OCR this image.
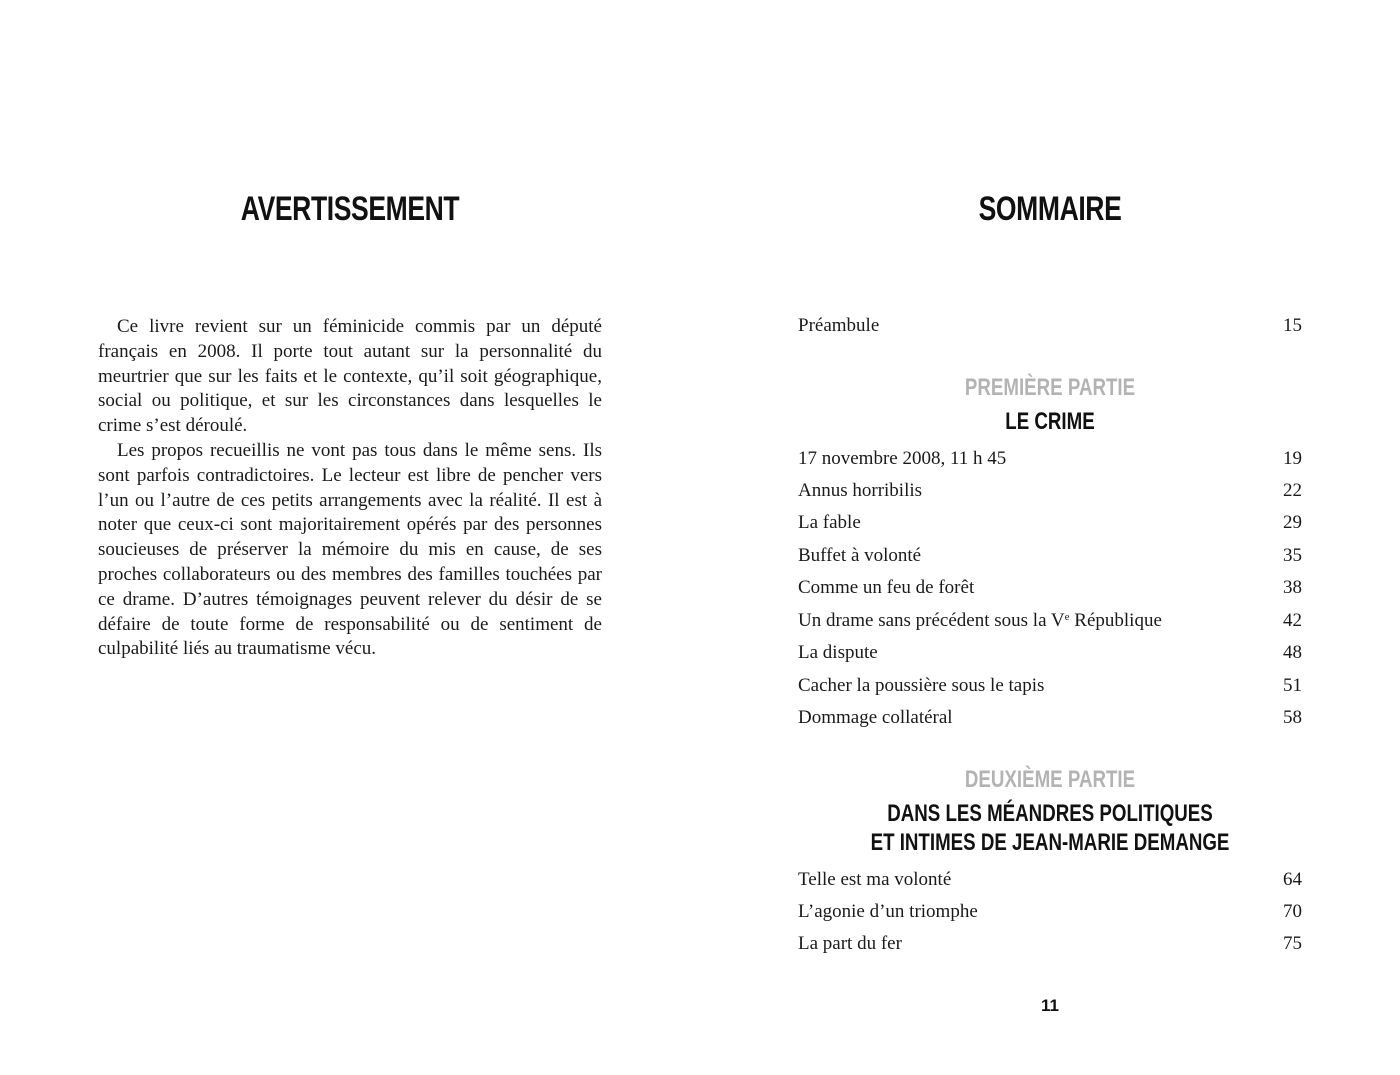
AVERTISSEMENT

Ce livre revient sur un féminicide commis par un député français en 2008. Il porte tout autant sur la personnalité du meurtrier que sur les faits et le contexte, qu’il soit géographique, social ou politique, et sur les circonstances dans lesquelles le crime s’est déroulé.

Les propos recueillis ne vont pas tous dans le même sens. Ils sont parfois contradictoires. Le lecteur est libre de pencher vers l’un ou l’autre de ces petits arrangements avec la réalité. Il est à noter que ceux-ci sont majoritairement opérés par des personnes soucieuses de préserver la mémoire du mis en cause, de ses proches collaborateurs ou des membres des familles touchées par ce drame. D’autres témoignages peuvent relever du désir de se défaire de toute forme de responsabilité ou de sentiment de culpabilité liés au traumatisme vécu.

SOMMAIRE
Préambule	15
PREMIÈRE PARTIE
LE CRIME
17 novembre 2008, 11 h 45	19
Annus horribilis	22
La fable	29
Buffet à volonté	35
Comme un feu de forêt	38
Un drame sans précédent sous la Ve République	42
La dispute	48
Cacher la poussière sous le tapis	51
Dommage collatéral	58
DEUXIÈME PARTIE
DANS LES MÉANDRES POLITIQUES
ET INTIMES DE JEAN-MARIE DEMANGE
Telle est ma volonté	64
L’agonie d’un triomphe	70
La part du fer	75
11
